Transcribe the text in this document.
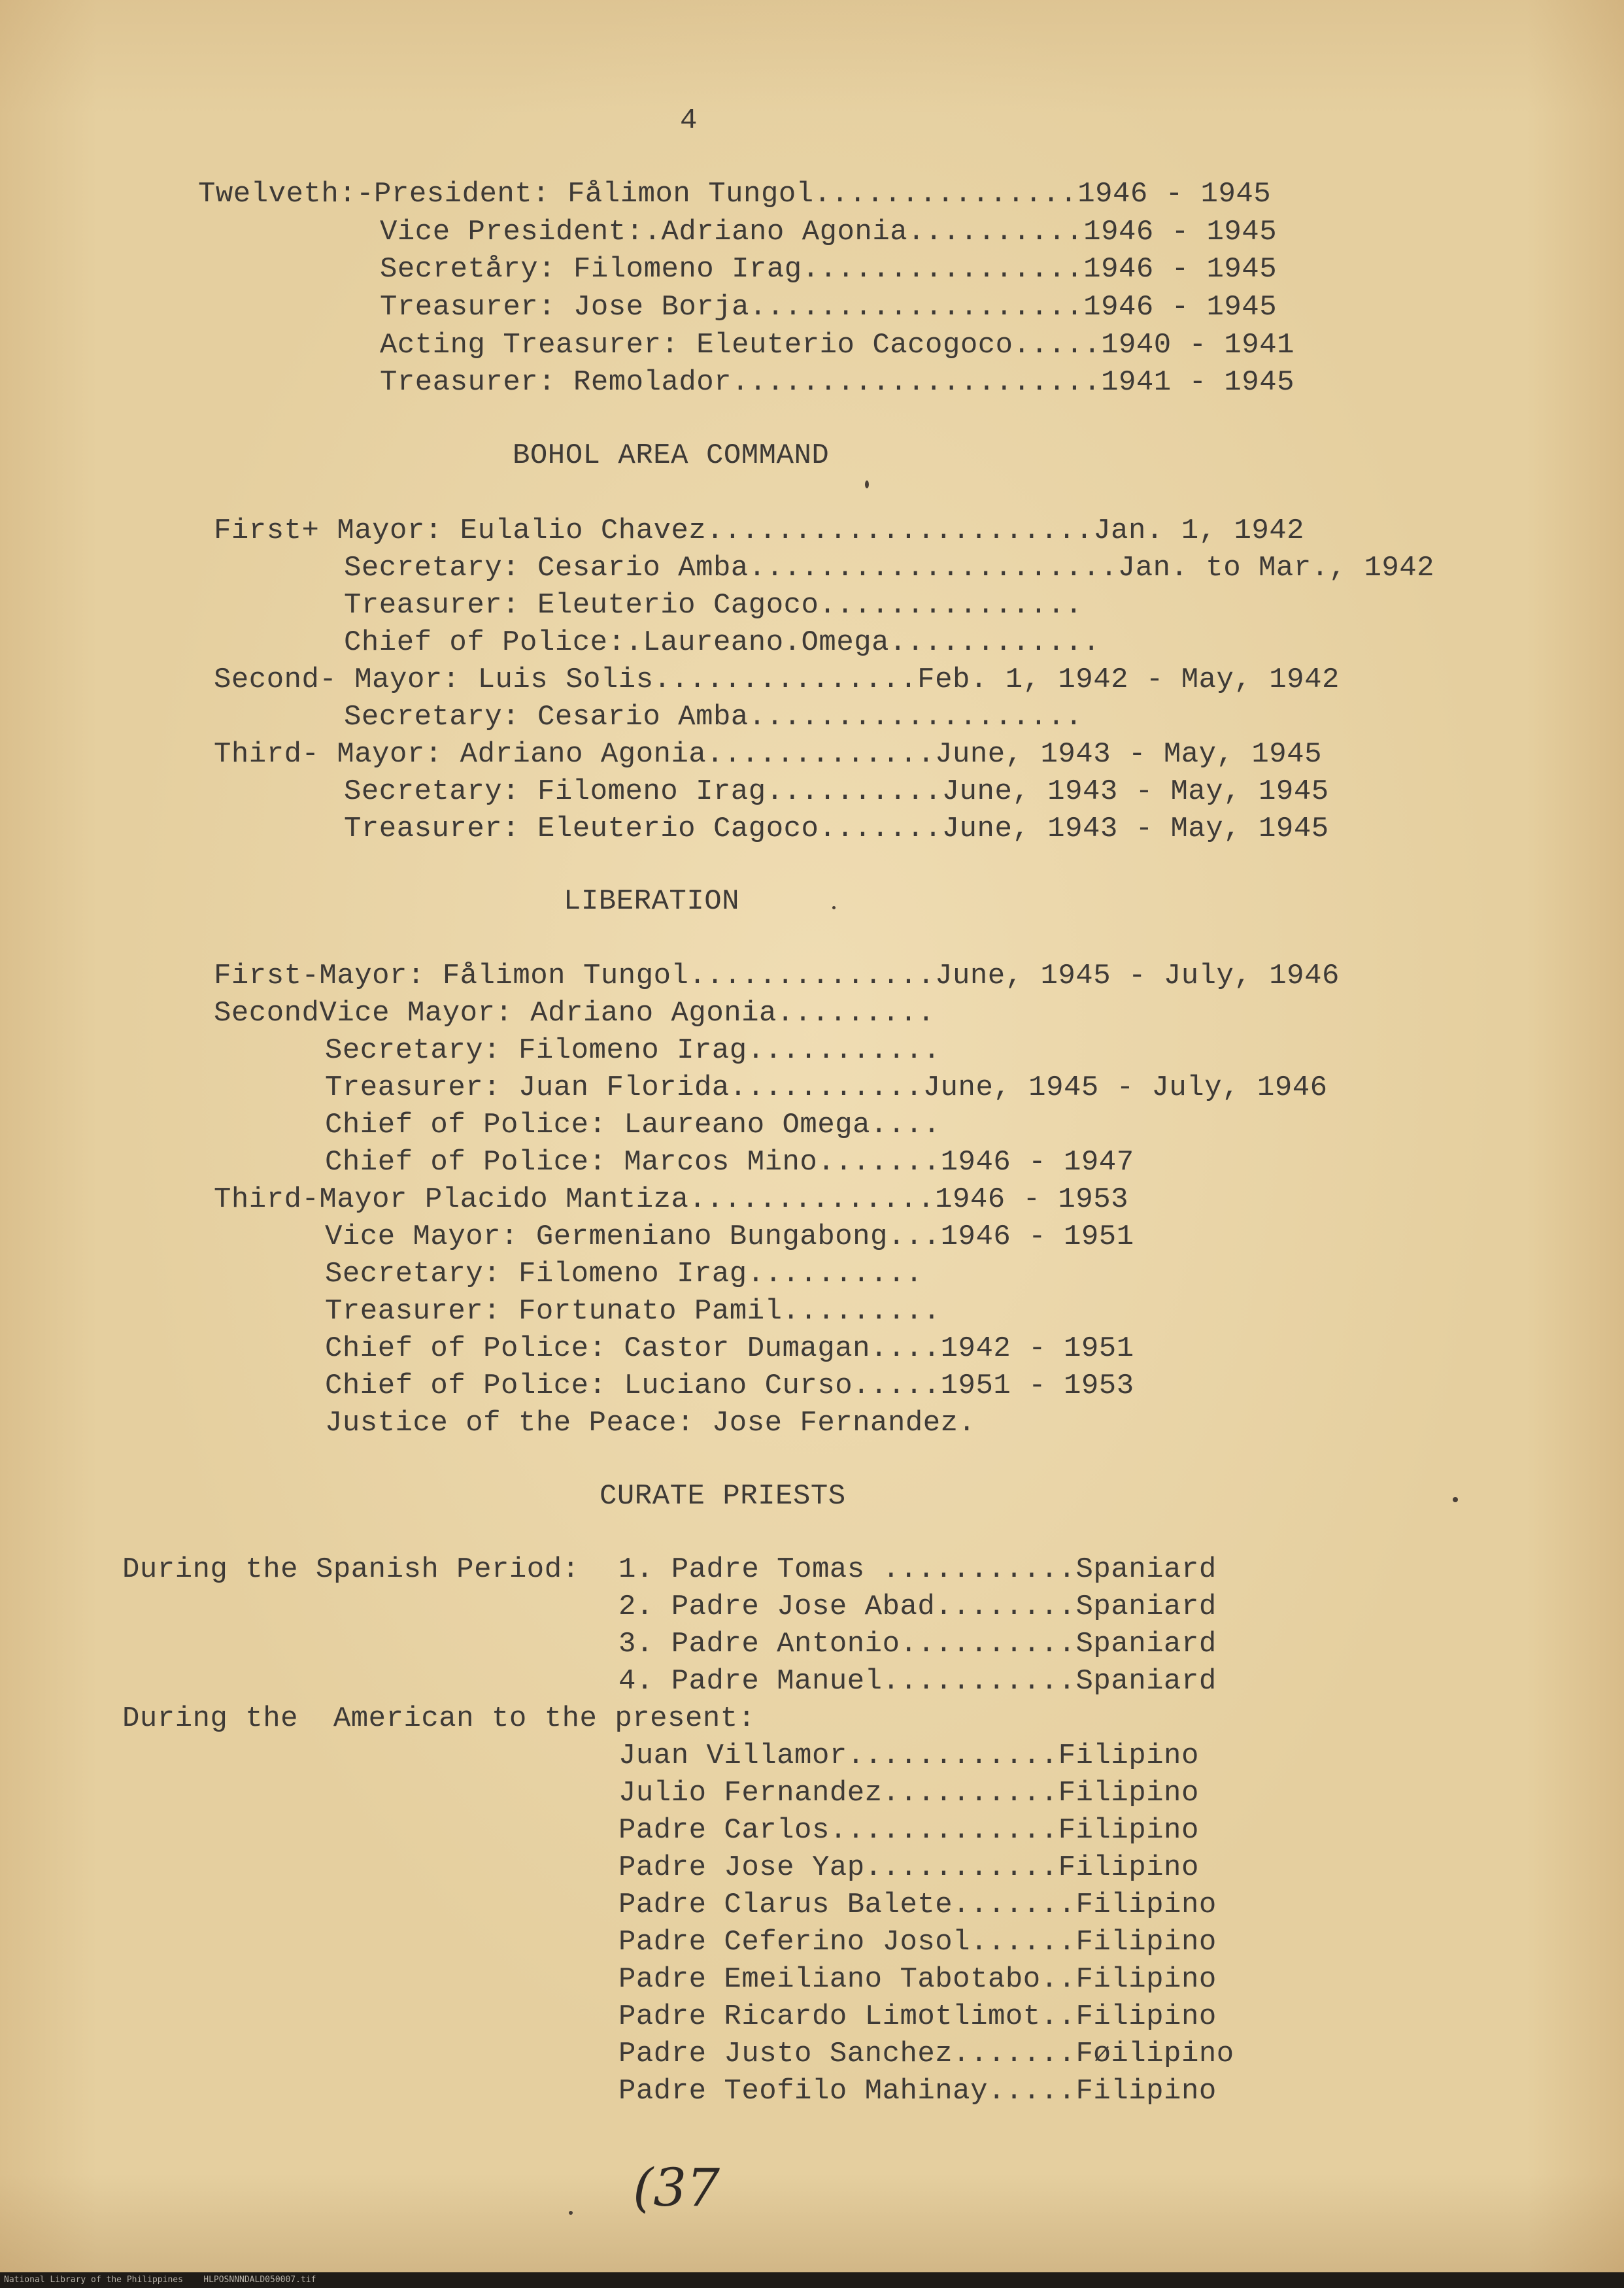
4
Twelveth:-President: Fålimon Tungol...............1946 - 1945
Vice President:.Adriano Agonia..........1946 - 1945
Secretåry: Filomeno Irag................1946 - 1945
Treasurer: Jose Borja...................1946 - 1945
Acting Treasurer: Eleuterio Cacogoco.....1940 - 1941
Treasurer: Remolador.....................1941 - 1945
BOHOL AREA COMMAND
First+ Mayor: Eulalio Chavez......................Jan. 1, 1942
Secretary: Cesario Amba.....................Jan. to Mar., 1942
Treasurer: Eleuterio Cagoco...............
Chief of Police:.Laureano.Omega............
Second- Mayor: Luis Solis...............Feb. 1, 1942 - May, 1942
Secretary: Cesario Amba...................
Third- Mayor: Adriano Agonia.............June, 1943 - May, 1945
Secretary: Filomeno Irag..........June, 1943 - May, 1945
Treasurer: Eleuterio Cagoco.......June, 1943 - May, 1945
LIBERATION
First-Mayor: Fålimon Tungol..............June, 1945 - July, 1946
SecondVice Mayor: Adriano Agonia.........
Secretary: Filomeno Irag...........
Treasurer: Juan Florida...........June, 1945 - July, 1946
Chief of Police: Laureano Omega....
Chief of Police: Marcos Mino.......1946 - 1947
Third-Mayor Placido Mantiza..............1946 - 1953
Vice Mayor: Germeniano Bungabong...1946 - 1951
Secretary: Filomeno Irag..........
Treasurer: Fortunato Pamil.........
Chief of Police: Castor Dumagan....1942 - 1951
Chief of Police: Luciano Curso.....1951 - 1953
Justice of the Peace: Jose Fernandez.
CURATE PRIESTS
During the Spanish Period: 1. Padre Tomas ...........Spaniard
2. Padre Jose Abad........Spaniard
3. Padre Antonio..........Spaniard
4. Padre Manuel...........Spaniard
During the  American to the present:
Juan Villamor............Filipino
Julio Fernandez..........Filipino
Padre Carlos.............Filipino
Padre Jose Yap...........Filipino
Padre Clarus Balete.......Filipino
Padre Ceferino Josol......Filipino
Padre Emeiliano Tabotabo..Filipino
Padre Ricardo Limotlimot..Filipino
Padre Justo Sanchez.......Føilipino
Padre Teofilo Mahinay.....Filipino
(37
National Library of the Philippines    HLPOSNNNDALD050007.tif
